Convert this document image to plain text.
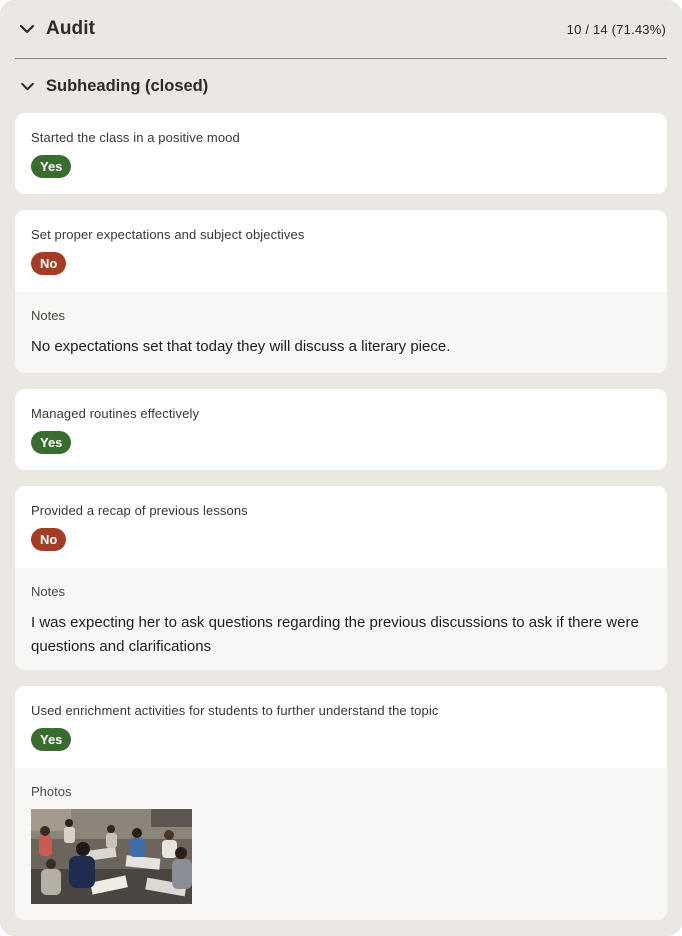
Audit	10 / 14 (71.43%)
Subheading (closed)
Started the class in a positive mood
Yes
Set proper expectations and subject objectives
No
Notes
No expectations set that today they will discuss a literary piece.
Managed routines effectively
Yes
Provided a recap of previous lessons
No
Notes
I was expecting her to ask questions regarding the previous discussions to ask if there were questions and clarifications
Used enrichment activities for students to further understand the topic
Yes
Photos
